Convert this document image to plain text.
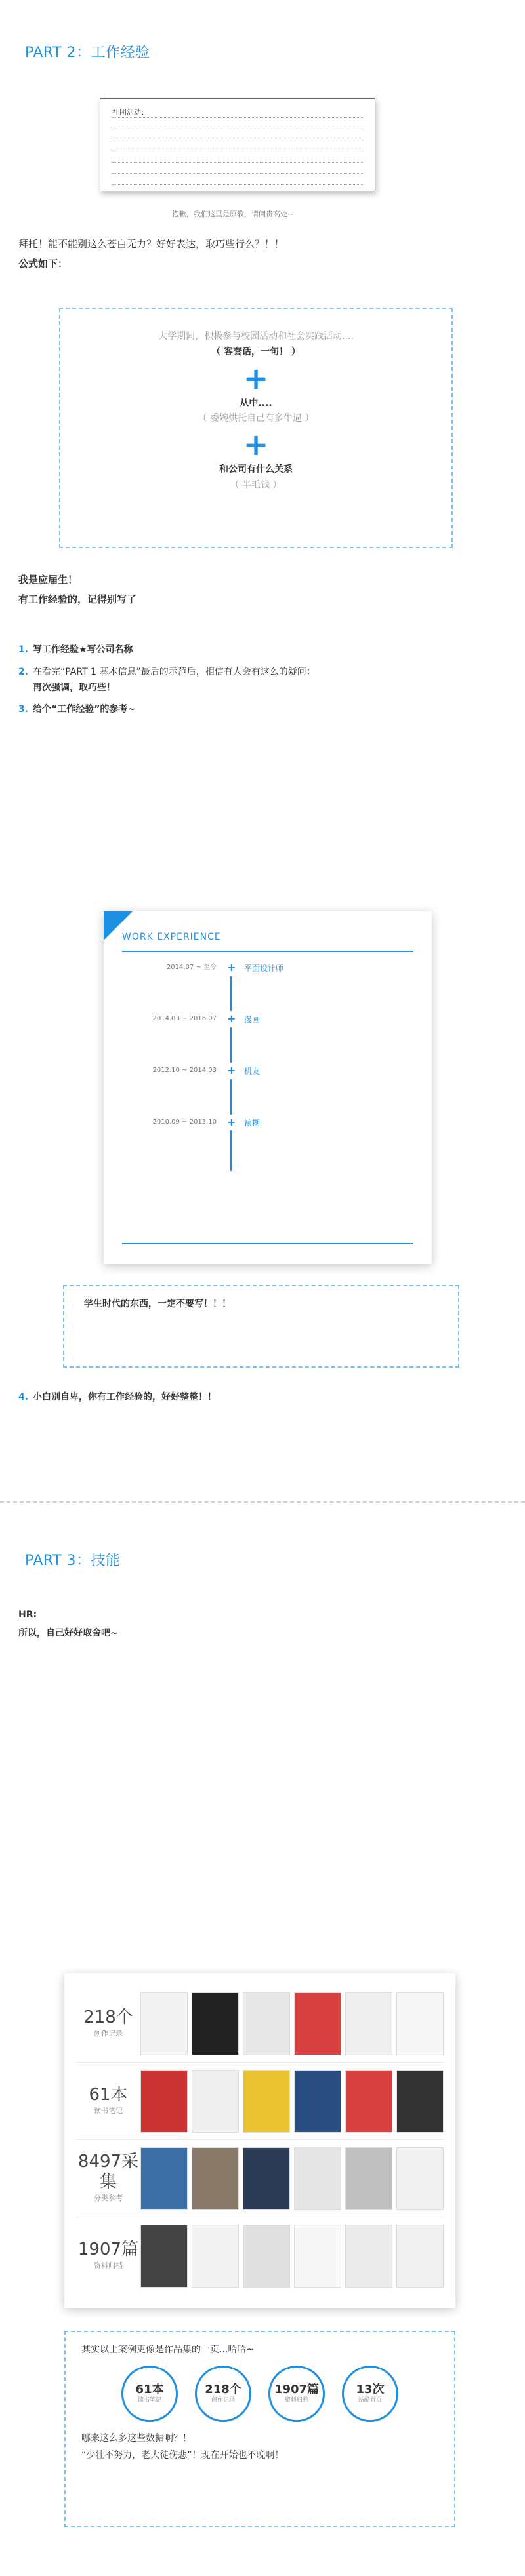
PART 2：工作经验
社团活动：
抱歉，我们这里是原教，请问贵高处~

拜托！能不能别这么苍白无力？好好表达，取巧些行么？！！

公式如下：

大学期间，积极参与校园活动和社会实践活动....
（ 客套话，一句！ ）
+
从中....
（ 委婉烘托自己有多牛逼 ）
+
和公司有什么关系
（ 半毛钱 ）

我是应届生！

有工作经验的，记得别写了

1. 写工作经验★写公司名称
2. 在看完“PART 1 基本信息”最后的示范后，相信有人会有这么的疑问：
再次强调，取巧些！
3. 给个“工作经验”的参考~
WORK EXPERIENCE
2014.07 ~ 至今 +	平面设计师
2014.03 ~ 2016.07 +	漫画
2012.10 ~ 2014.03 +	机友
2010.09 ~ 2013.10 +	裱糊
学生时代的东西，一定不要写！！！
4. 小白别自卑，你有工作经验的，好好整整！！
PART 3：技能

HR:

所以，自己好好取舍吧~

218个
创作记录
61本
读书笔记
8497采集
分类参考
1907篇
资料归档
其实以上案例更像是作品集的一页...哈哈~
61本
读书笔记
218个
创作记录
1907篇
资料归档
13次
站酷首页
哪来这么多这些数据啊？！
“少壮不努力，老大徒伤悲”！现在开始也不晚啊！
